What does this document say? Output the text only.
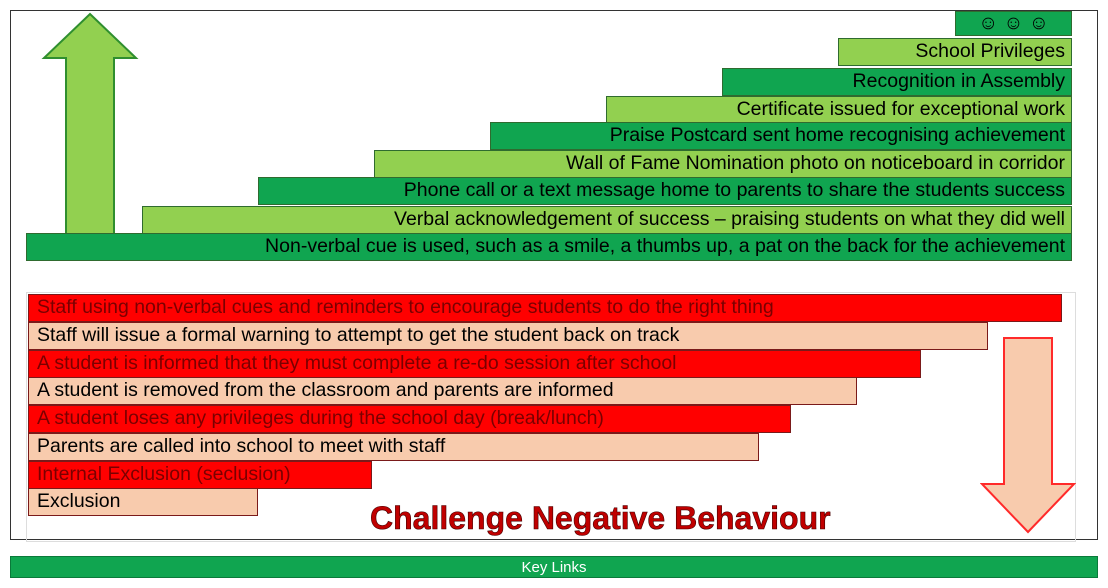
☺ ☺ ☺
School Privileges
Recognition in Assembly
Certificate issued for exceptional work
Praise Postcard sent home recognising achievement
Wall of Fame Nomination photo on noticeboard in corridor
Phone call or a text message home to parents to share the students success
Verbal acknowledgement of success – praising students on what they did well
Non-verbal cue is used, such as a smile, a thumbs up, a pat on the back for the achievement
Staff using non-verbal cues and reminders to encourage students to do the right thing
Staff will issue a formal warning to attempt to get the student back on track
A student is informed that they must complete a re-do session after school
A student is removed from the classroom and parents are informed
A student loses any privileges during the school day (break/lunch)
Parents are called into school to meet with staff
Internal Exclusion (seclusion)
Exclusion	Challenge Negative Behaviour
Key Links
